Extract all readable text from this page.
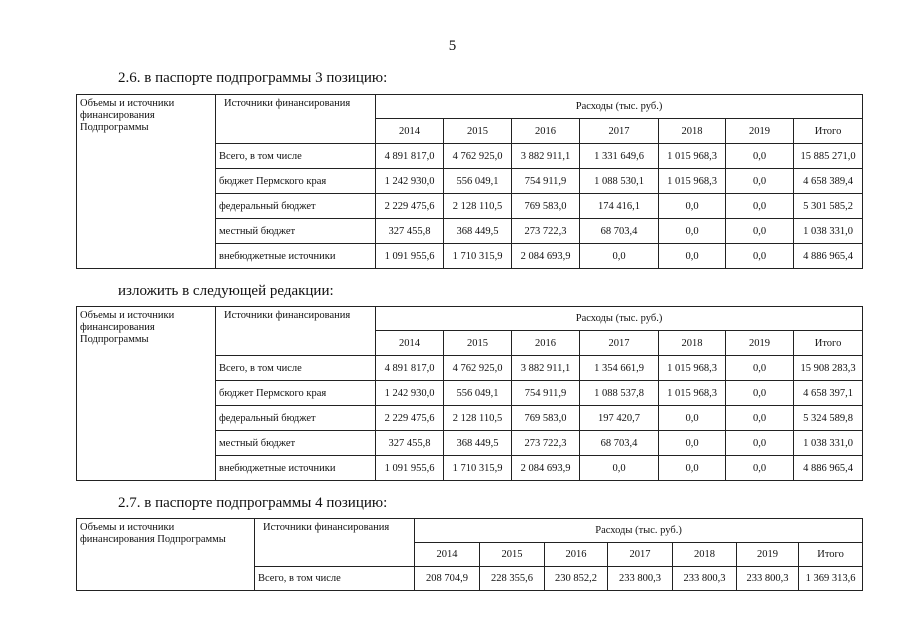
5
2.6. в паспорте подпрограммы 3 позицию:
изложить в следующей редакции:
2.7. в паспорте подпрограммы 4 позицию:
Объемы и источники финансирования Подпрограммы	Источники финансирования	Расходы (тыс. руб.)						
		2014	2015	2016	2017	2018	2019	Итого
	Всего, в том числе	4 891 817,0	4 762 925,0	3 882 911,1	1 331 649,6	1 015 968,3	0,0	15 885 271,0
	бюджет Пермского края	1 242 930,0	556 049,1	754 911,9	1 088 530,1	1 015 968,3	0,0	4 658 389,4
	федеральный бюджет	2 229 475,6	2 128 110,5	769 583,0	174 416,1	0,0	0,0	5 301 585,2
	местный бюджет	327 455,8	368 449,5	273 722,3	68 703,4	0,0	0,0	1 038 331,0
	внебюджетные источники	1 091 955,6	1 710 315,9	2 084 693,9	0,0	0,0	0,0	4 886 965,4
Объемы и источники финансирования Подпрограммы	Источники финансирования	Расходы (тыс. руб.)						
		2014	2015	2016	2017	2018	2019	Итого
	Всего, в том числе	4 891 817,0	4 762 925,0	3 882 911,1	1 354 661,9	1 015 968,3	0,0	15 908 283,3
	бюджет Пермского края	1 242 930,0	556 049,1	754 911,9	1 088 537,8	1 015 968,3	0,0	4 658 397,1
	федеральный бюджет	2 229 475,6	2 128 110,5	769 583,0	197 420,7	0,0	0,0	5 324 589,8
	местный бюджет	327 455,8	368 449,5	273 722,3	68 703,4	0,0	0,0	1 038 331,0
	внебюджетные источники	1 091 955,6	1 710 315,9	2 084 693,9	0,0	0,0	0,0	4 886 965,4
Объемы и источники финансирования Подпрограммы	Источники финансирования	Расходы (тыс. руб.)						
		2014	2015	2016	2017	2018	2019	Итого
	Всего, в том числе	208 704,9	228 355,6	230 852,2	233 800,3	233 800,3	233 800,3	1 369 313,6
